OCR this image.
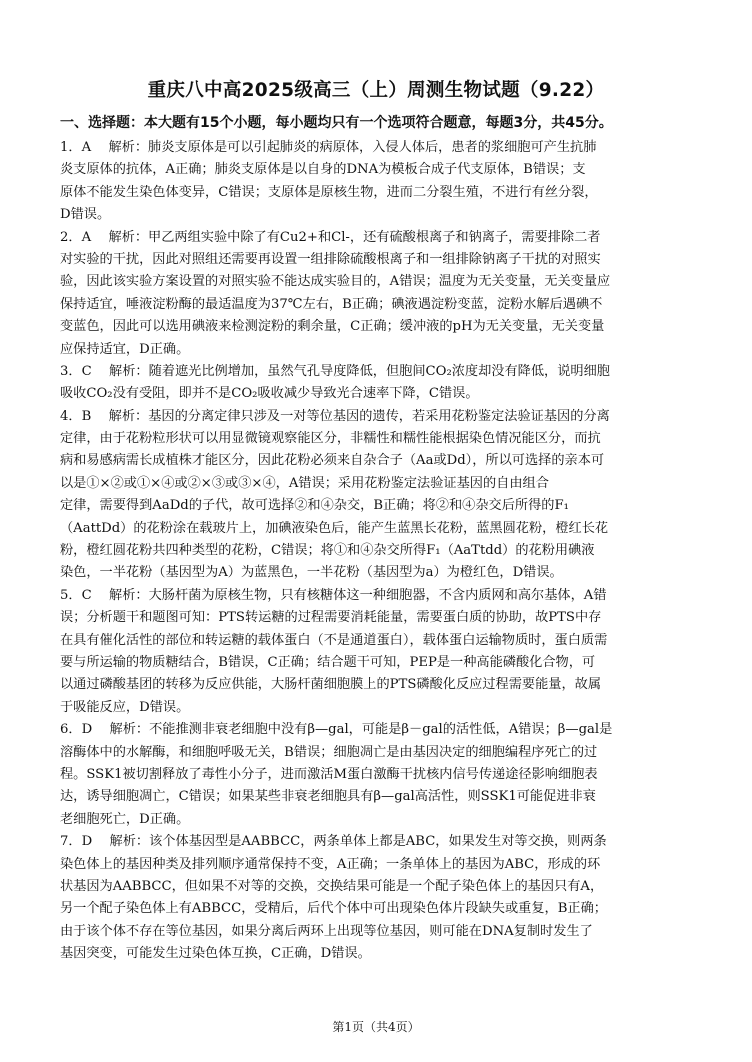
重庆八中高2025级高三（上）周测生物试题（9.22）
一、选择题：本大题有15个小题，每小题均只有一个选项符合题意，每题3分，共45分。
1．A　 解析：肺炎支原体是可以引起肺炎的病原体，入侵人体后，患者的浆细胞可产生抗肺
炎支原体的抗体，A正确；肺炎支原体是以自身的DNA为模板合成子代支原体，B错误；支
原体不能发生染色体变异，C错误；支原体是原核生物，进而二分裂生殖，不进行有丝分裂，
D错误。
2．A　 解析：甲乙两组实验中除了有Cu2+和Cl-，还有硫酸根离子和钠离子，需要排除二者
对实验的干扰，因此对照组还需要再设置一组排除硫酸根离子和一组排除钠离子干扰的对照实
验，因此该实验方案设置的对照实验不能达成实验目的，A错误；温度为无关变量，无关变量应
保持适宜，唾液淀粉酶的最适温度为37℃左右，B正确；碘液遇淀粉变蓝，淀粉水解后遇碘不
变蓝色，因此可以选用碘液来检测淀粉的剩余量，C正确；缓冲液的pH为无关变量，无关变量
应保持适宜，D正确。
3．C　 解析：随着遮光比例增加，虽然气孔导度降低，但胞间CO₂浓度却没有降低，说明细胞
吸收CO₂没有受阻，即并不是CO₂吸收减少导致光合速率下降，C错误。
4．B　 解析：基因的分离定律只涉及一对等位基因的遗传，若采用花粉鉴定法验证基因的分离
定律，由于花粉粒形状可以用显微镜观察能区分，非糯性和糯性能根据染色情况能区分，而抗
病和易感病需长成植株才能区分，因此花粉必须来自杂合子（Aa或Dd），所以可选择的亲本可
以是①×②或①×④或②×③或③×④，A错误；采用花粉鉴定法验证基因的自由组合
定律，需要得到AaDd的子代，故可选择②和④杂交，B正确；将②和④杂交后所得的F₁
（AattDd）的花粉涂在载玻片上，加碘液染色后，能产生蓝黑长花粉，蓝黑圆花粉，橙红长花
粉，橙红圆花粉共四种类型的花粉，C错误；将①和④杂交所得F₁（AaTtdd）的花粉用碘液
染色，一半花粉（基因型为A）为蓝黑色，一半花粉（基因型为a）为橙红色，D错误。
5．C　 解析：大肠杆菌为原核生物，只有核糖体这一种细胞器，不含内质网和高尔基体，A错
误；分析题干和题图可知：PTS转运糖的过程需要消耗能量，需要蛋白质的协助，故PTS中存
在具有催化活性的部位和转运糖的载体蛋白（不是通道蛋白），载体蛋白运输物质时，蛋白质需
要与所运输的物质糖结合，B错误，C正确；结合题干可知，PEP是一种高能磷酸化合物，可
以通过磷酸基团的转移为反应供能，大肠杆菌细胞膜上的PTS磷酸化反应过程需要能量，故属
于吸能反应，D错误。
6．D　 解析：不能推测非衰老细胞中没有β—gal，可能是β－gal的活性低，A错误；β—gal是
溶酶体中的水解酶，和细胞呼吸无关，B错误；细胞凋亡是由基因决定的细胞编程序死亡的过
程。SSK1被切割释放了毒性小分子，进而激活M蛋白激酶干扰核内信号传递途径影响细胞表
达，诱导细胞凋亡，C错误；如果某些非衰老细胞具有β—gal高活性，则SSK1可能促进非衰
老细胞死亡，D正确。
7．D　 解析：该个体基因型是AABBCC，两条单体上都是ABC，如果发生对等交换，则两条
染色体上的基因种类及排列顺序通常保持不变，A正确；一条单体上的基因为ABC，形成的环
状基因为AABBCC，但如果不对等的交换，交换结果可能是一个配子染色体上的基因只有A，
另一个配子染色体上有ABBCC，受精后，后代个体中可出现染色体片段缺失或重复，B正确；
由于该个体不存在等位基因，如果分离后两环上出现等位基因，则可能在DNA复制时发生了
基因突变，可能发生过染色体互换，C正确，D错误。
第1页（共4页）
